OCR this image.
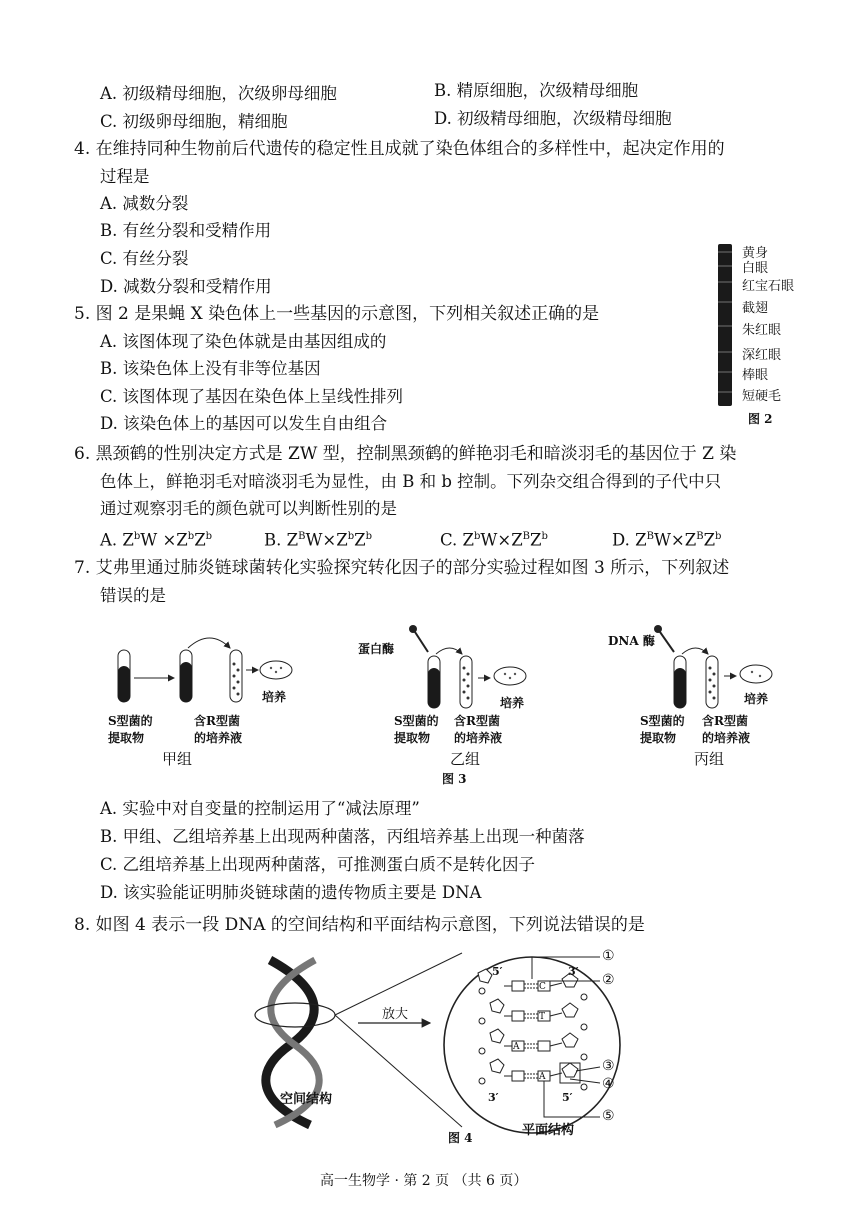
A. 初级精母细胞，次级卵母细胞	B. 精原细胞，次级精母细胞
C. 初级卵母细胞，精细胞	D. 初级精母细胞，次级精母细胞
4. 在维持同种生物前后代遗传的稳定性且成就了染色体组合的多样性中，起决定作用的
过程是
A. 减数分裂
B. 有丝分裂和受精作用
C. 有丝分裂
D. 减数分裂和受精作用
5. 图 2 是果蝇 X 染色体上一些基因的示意图，下列相关叙述正确的是
A. 该图体现了染色体就是由基因组成的
B. 该染色体上没有非等位基因
C. 该图体现了基因在染色体上呈线性排列
D. 该染色体上的基因可以发生自由组合
黄身
白眼
红宝石眼
截翅
朱红眼
深红眼
棒眼
短硬毛
图 2
6. 黑颈鹤的性别决定方式是 ZW 型，控制黑颈鹤的鲜艳羽毛和暗淡羽毛的基因位于 Z 染
色体上，鲜艳羽毛对暗淡羽毛为显性，由 B 和 b 控制。下列杂交组合得到的子代中只
通过观察羽毛的颜色就可以判断性别的是
A. $Z^bW \times Z^bZ^b$	B. $Z^BW\times Z^bZ^b$	C. $Z^bW\times Z^BZ^b$	D. $Z^BW\times Z^BZ^b$
7. 艾弗里通过肺炎链球菌转化实验探究转化因子的部分实验过程如图 3 所示，下列叙述
错误的是
S型菌的
提取物
含R型菌
的培养液
培养
甲组
蛋白酶
S型菌的
提取物
含R型菌
的培养液
培养
乙组
图 3
DNA 酶
S型菌的
提取物
含R型菌
的培养液
培养
丙组
A. 实验中对自变量的控制运用了“减法原理”
B. 甲组、乙组培养基上出现两种菌落，丙组培养基上出现一种菌落
C. 乙组培养基上出现两种菌落，可推测蛋白质不是转化因子
D. 该实验能证明肺炎链球菌的遗传物质主要是 DNA
8. 如图 4 表示一段 DNA 的空间结构和平面结构示意图，下列说法错误的是
C
T
A
A
5′	3′
3′	5′
①
②
③
④
⑤
放大
空间结构
平面结构
图 4
高一生物学 · 第 2 页 （共 6 页）
